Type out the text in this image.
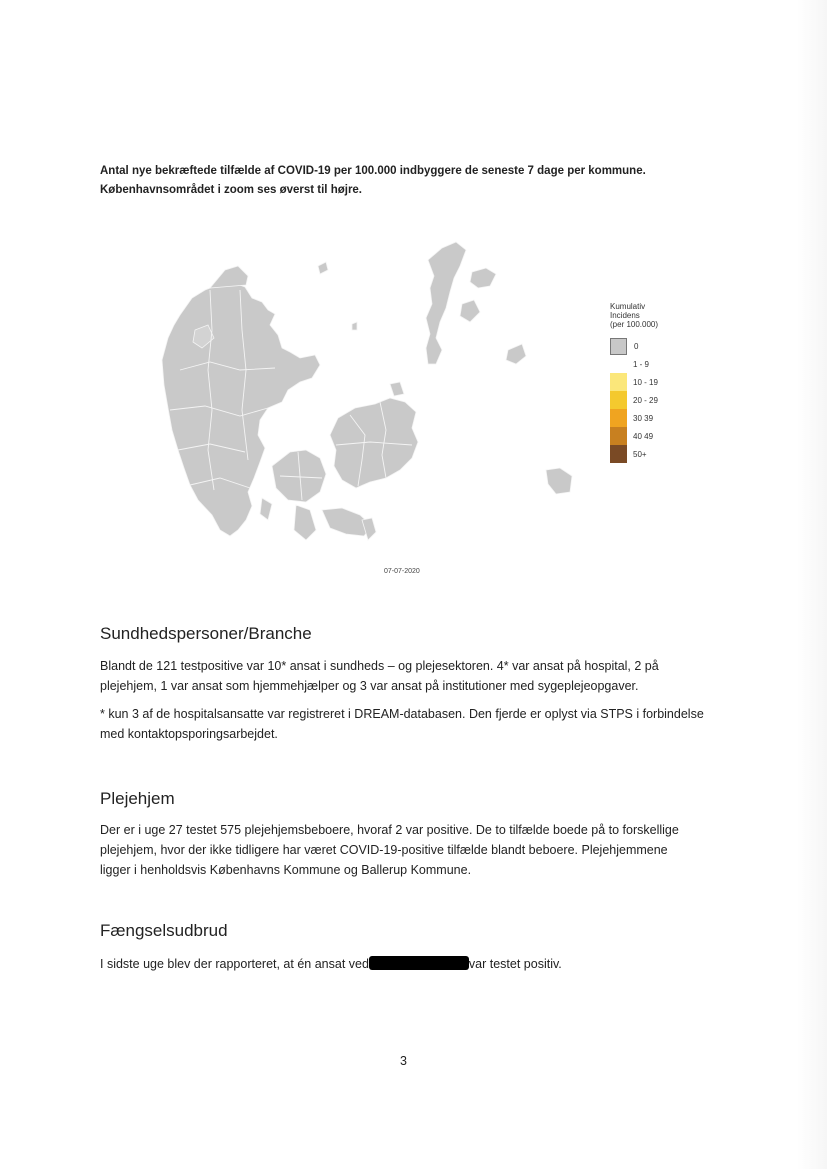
Antal nye bekræftede tilfælde af COVID-19 per 100.000 indbyggere de seneste 7 dage per kommune.
Københavnsområdet i zoom ses øverst til højre.
Kumulativ
Incidens
(per 100.000)
0
1 - 9
10 - 19
20 - 29
30 39
40 49
50+
07-07-2020
Sundhedspersoner/Branche
Blandt de 121 testpositive var 10* ansat i sundheds – og plejesektoren. 4* var ansat på hospital, 2 på
plejehjem, 1 var ansat som hjemmehjælper og 3 var ansat på institutioner med sygeplejeopgaver.
* kun 3 af de hospitalsansatte var registreret i DREAM-databasen. Den fjerde er oplyst via STPS i forbindelse
med kontaktopsporingsarbejdet.
Plejehjem
Der er i uge 27 testet 575 plejehjemsbeboere, hvoraf 2 var positive. De to tilfælde boede på to forskellige
plejehjem, hvor der ikke tidligere har været COVID-19-positive tilfælde blandt beboere. Plejehjemmene
ligger i henholdsvis Københavns Kommune og Ballerup Kommune.
Fængselsudbrud
I sidste uge blev der rapporteret, at én ansat ved	var testet positiv.
3
